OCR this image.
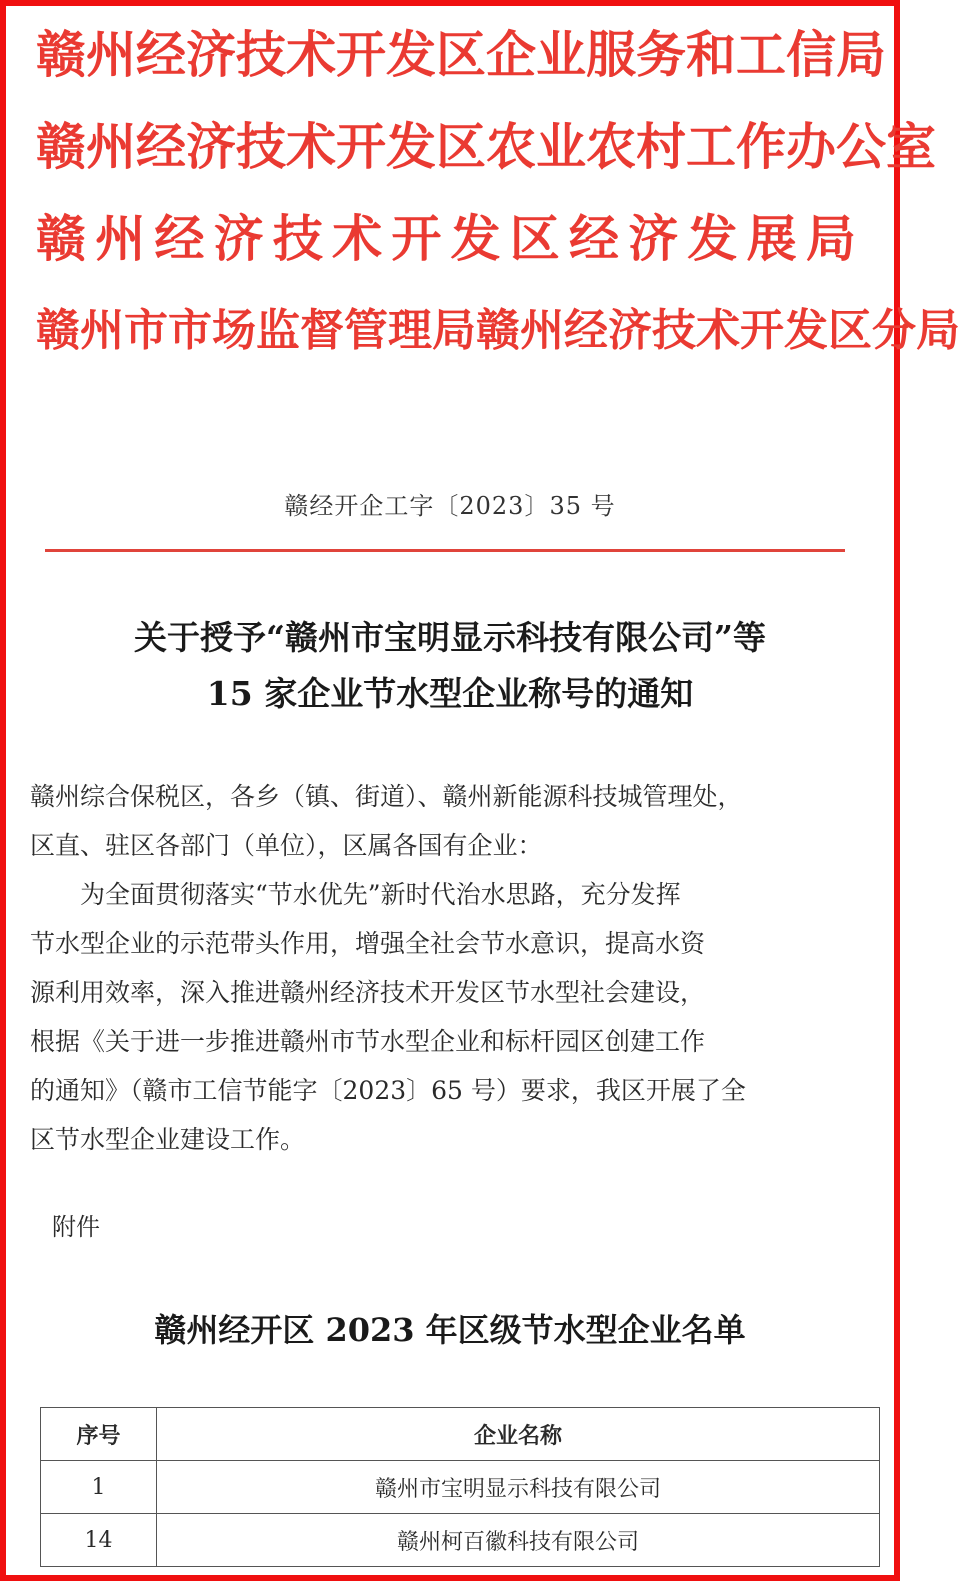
赣 州 经 济 技 术 开 发 区 企 业 服 务 和 工 信 局
赣 州 经 济 技 术 开 发 区 农 业 农 村 工 作 办 公 室
赣 州 经 济 技 术 开 发 区 经 济 发 展 局
赣 州 市 市 场 监 督 管 理 局 赣 州 经 济 技 术 开 发 区 分 局
赣经开企工字〔2023〕35 号
关于授予“赣州市宝明显示科技有限公司”等
15 家企业节水型企业称号的通知
赣州综合保税区，各乡（镇、街道）、赣州新能源科技城管理处，
区直、驻区各部门（单位），区属各国有企业：
为全面贯彻落实“节水优先”新时代治水思路，充分发挥
节水型企业的示范带头作用，增强全社会节水意识，提高水资
源利用效率，深入推进赣州经济技术开发区节水型社会建设，
根据《关于进一步推进赣州市节水型企业和标杆园区创建工作
的通知》（赣市工信节能字〔2023〕65 号）要求，我区开展了全
区节水型企业建设工作。
附件
赣州经开区 2023 年区级节水型企业名单
序号	企业名称
1	赣州市宝明显示科技有限公司
14	赣州柯百徽科技有限公司
